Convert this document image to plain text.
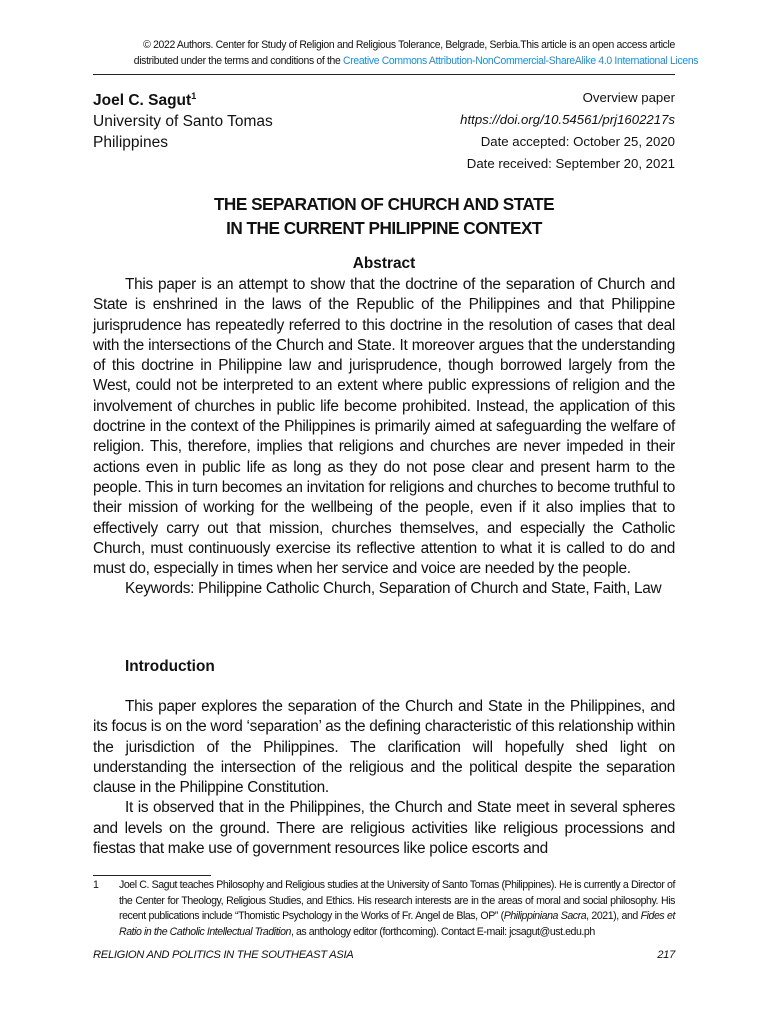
© 2022 Authors. Center for Study of Religion and Religious Tolerance, Belgrade, Serbia.This article is an open access article
distributed under the terms and conditions of the Creative Commons Attribution-NonCommercial-ShareAlike 4.0 International Licens
Joel C. Sagut$^1$
University of Santo Tomas
Philippines
Overview paper
https://doi.org/10.54561/prj1602217s
Date accepted: October 25, 2020
Date received: September 20, 2021
THE SEPARATION OF CHURCH AND STATE
IN THE CURRENT PHILIPPINE CONTEXT
Abstract

This paper is an attempt to show that the doctrine of the separation of Church and State is enshrined in the laws of the Republic of the Philippines and that Philippine jurisprudence has repeatedly referred to this doctrine in the resolution of cases that deal with the intersections of the Church and State. It moreover argues that the understanding of this doctrine in Philippine law and jurisprudence, though borrowed largely from the West, could not be interpreted to an extent where public expressions of religion and the involvement of churches in public life become prohibited. Instead, the application of this doctrine in the context of the Philippines is primarily aimed at safeguarding the welfare of religion. This, therefore, implies that religions and churches are never impeded in their actions even in public life as long as they do not pose clear and present harm to the people. This in turn becomes an invitation for religions and churches to become truthful to their mission of working for the wellbeing of the people, even if it also implies that to effectively carry out that mission, churches themselves, and especially the Catholic Church, must continuously exercise its reflective attention to what it is called to do and must do, especially in times when her service and voice are needed by the people.

Keywords: Philippine Catholic Church, Separation of Church and State, Faith, Law

Introduction

This paper explores the separation of the Church and State in the Philippines, and its focus is on the word ‘separation’ as the defining characteristic of this relationship within the jurisdiction of the Philippines. The clarification will hopefully shed light on understanding the intersection of the religious and the political despite the separation clause in the Philippine Constitution.

It is observed that in the Philippines, the Church and State meet in several spheres and levels on the ground. There are religious activities like religious processions and fiestas that make use of government resources like police escorts and

1 Joel C. Sagut teaches Philosophy and Religious studies at the University of Santo Tomas (Philippines). He is currently a Director of the Center for Theology, Religious Studies, and Ethics. His research interests are in the areas of moral and social philosophy. His recent publications include “Thomistic Psychology in the Works of Fr. Angel de Blas, OP” (Philippiniana Sacra, 2021), and Fides et Ratio in the Catholic Intellectual Tradition, as anthology editor (forthcoming). Contact E-mail: jcsagut@ust.edu.ph
RELIGION AND POLITICS IN THE SOUTHEAST ASIA	217
